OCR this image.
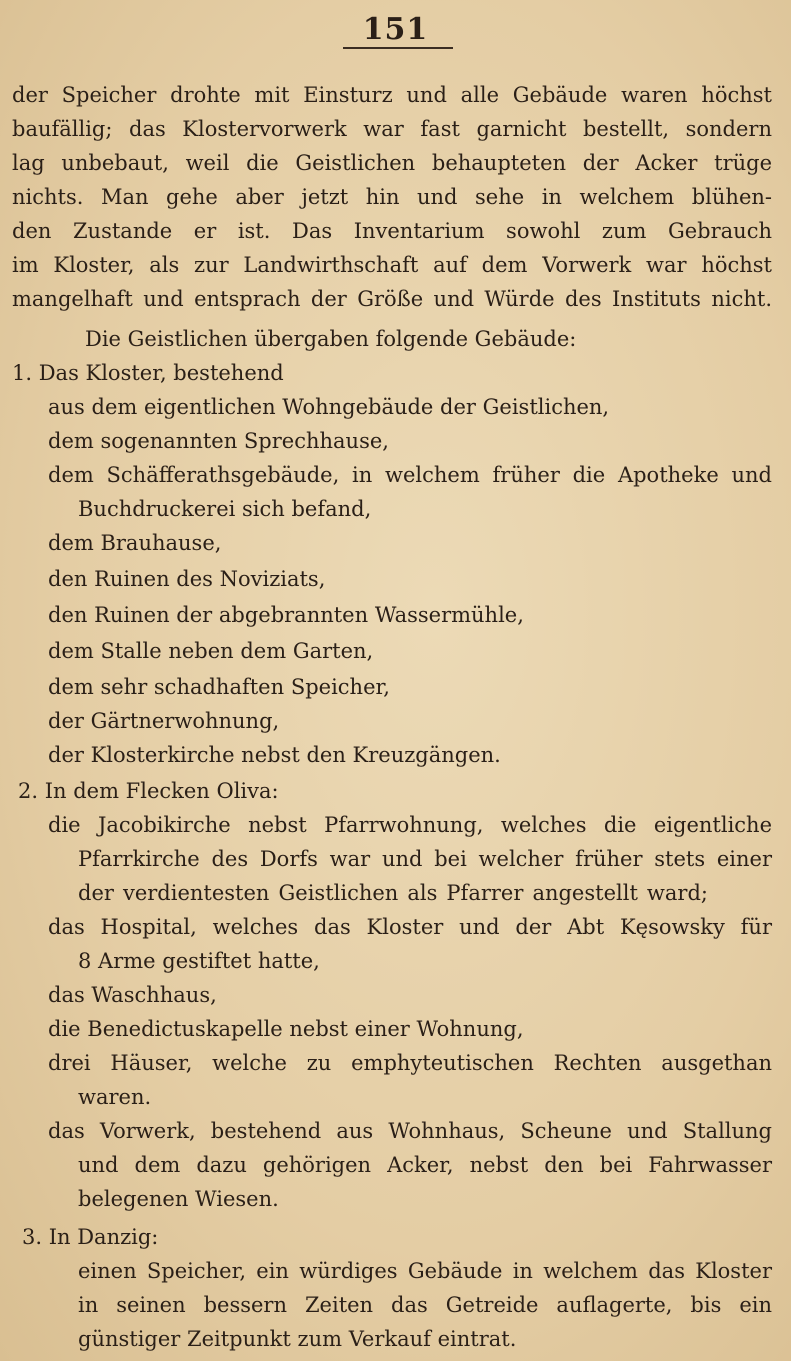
151
der Speicher drohte mit Einsturz und alle Gebäude waren höchst
baufällig; das Klostervorwerk war fast garnicht bestellt, sondern
lag unbebaut, weil die Geistlichen behaupteten der Acker trüge
nichts. Man gehe aber jetzt hin und sehe in welchem blühen-
den Zustande er ist. Das Inventarium sowohl zum Gebrauch
im Kloster, als zur Landwirthschaft auf dem Vorwerk war höchst
mangelhaft und entsprach der Größe und Würde des Instituts nicht.
Die Geistlichen übergaben folgende Gebäude:
1. Das Kloster, bestehend
aus dem eigentlichen Wohngebäude der Geistlichen,
dem sogenannten Sprechhause,
dem Schäfferathsgebäude, in welchem früher die Apotheke und
Buchdruckerei sich befand,
dem Brauhause,
den Ruinen des Noviziats,
den Ruinen der abgebrannten Wassermühle,
dem Stalle neben dem Garten,
dem sehr schadhaften Speicher,
der Gärtnerwohnung,
der Klosterkirche nebst den Kreuzgängen.
2. In dem Flecken Oliva:
die Jacobikirche nebst Pfarrwohnung, welches die eigentliche
Pfarrkirche des Dorfs war und bei welcher früher stets einer
der verdientesten Geistlichen als Pfarrer angestellt ward;
das Hospital, welches das Kloster und der Abt Kęsowsky für
8 Arme gestiftet hatte,
das Waschhaus,
die Benedictuskapelle nebst einer Wohnung,
drei Häuser, welche zu emphyteutischen Rechten ausgethan
waren.
das Vorwerk, bestehend aus Wohnhaus, Scheune und Stallung
und dem dazu gehörigen Acker, nebst den bei Fahrwasser
belegenen Wiesen.
3. In Danzig:
einen Speicher, ein würdiges Gebäude in welchem das Kloster
in seinen bessern Zeiten das Getreide auflagerte, bis ein
günstiger Zeitpunkt zum Verkauf eintrat.
